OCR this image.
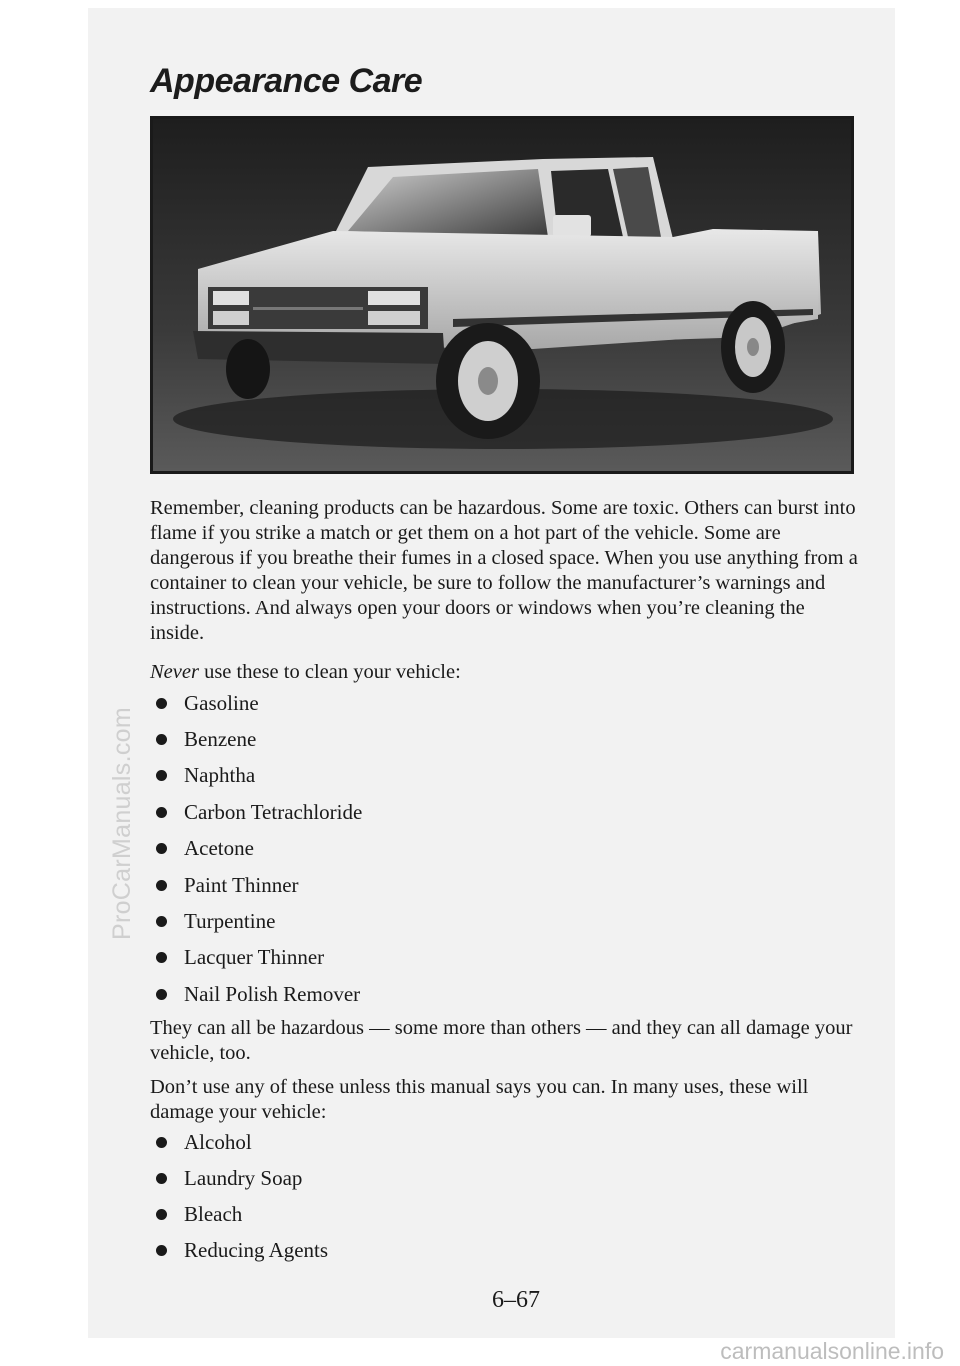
ProCarManuals.com
Appearance Care

Remember, cleaning products can be hazardous. Some are toxic. Others can burst into flame if you strike a match or get them on a hot part of the vehicle. Some are dangerous if you breathe their fumes in a closed space. When you use anything from a container to clean your vehicle, be sure to follow the manufacturer’s warnings and instructions. And always open your doors or windows when you’re cleaning the inside.

Never use these to clean your vehicle:

Gasoline
Benzene
Naphtha
Carbon Tetrachloride
Acetone
Paint Thinner
Turpentine
Lacquer Thinner
Nail Polish Remover

They can all be hazardous — some more than others — and they can all damage your vehicle, too.

Don’t use any of these unless this manual says you can. In many uses, these will damage your vehicle:

Alcohol
Laundry Soap
Bleach
Reducing Agents
6–67
carmanualsonline.info
